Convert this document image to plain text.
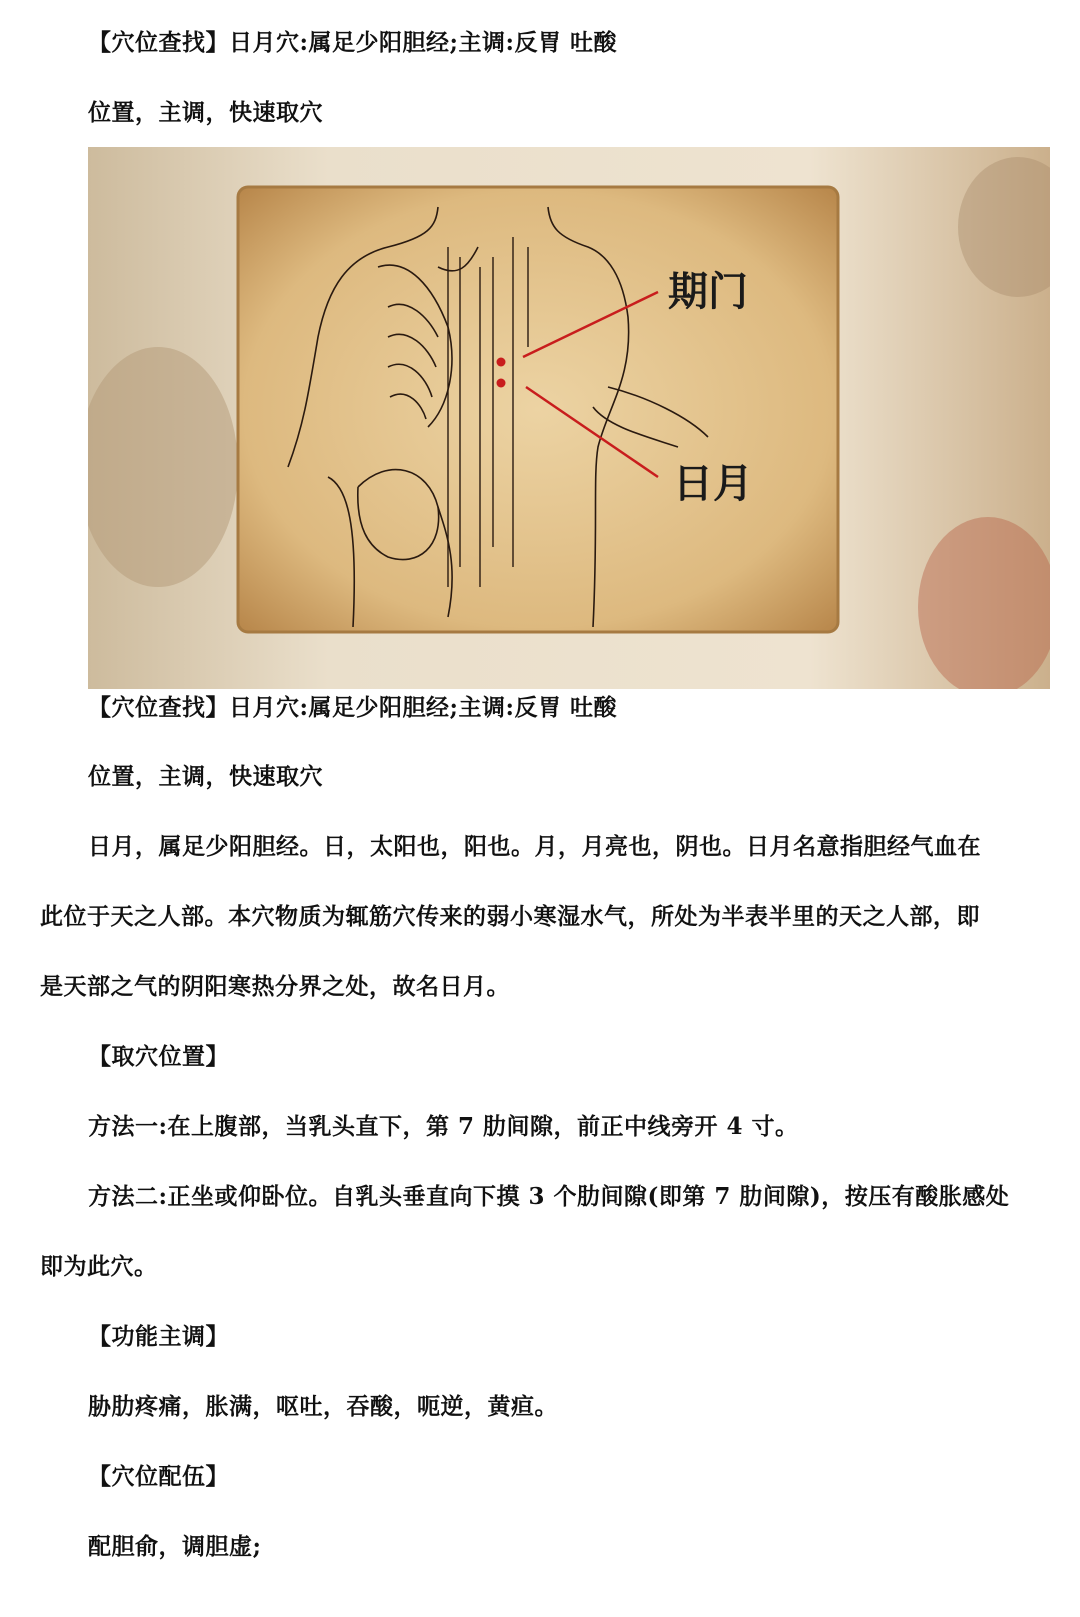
【穴位查找】日月穴:属足少阳胆经;主调:反胃 吐酸
位置，主调，快速取穴
期门
日月
【穴位查找】日月穴:属足少阳胆经;主调:反胃 吐酸
位置，主调，快速取穴
日月，属足少阳胆经。日，太阳也，阳也。月，月亮也，阴也。日月名意指胆经气血在
此位于天之人部。本穴物质为辄筋穴传来的弱小寒湿水气，所处为半表半里的天之人部，即
是天部之气的阴阳寒热分界之处，故名日月。
【取穴位置】
方法一:在上腹部，当乳头直下，第 7 肋间隙，前正中线旁开 4 寸。
方法二:正坐或仰卧位。自乳头垂直向下摸 3 个肋间隙(即第 7 肋间隙)，按压有酸胀感处
即为此穴。
【功能主调】
胁肋疼痛，胀满，呕吐，吞酸，呃逆，黄疸。
【穴位配伍】
配胆俞，调胆虚;
